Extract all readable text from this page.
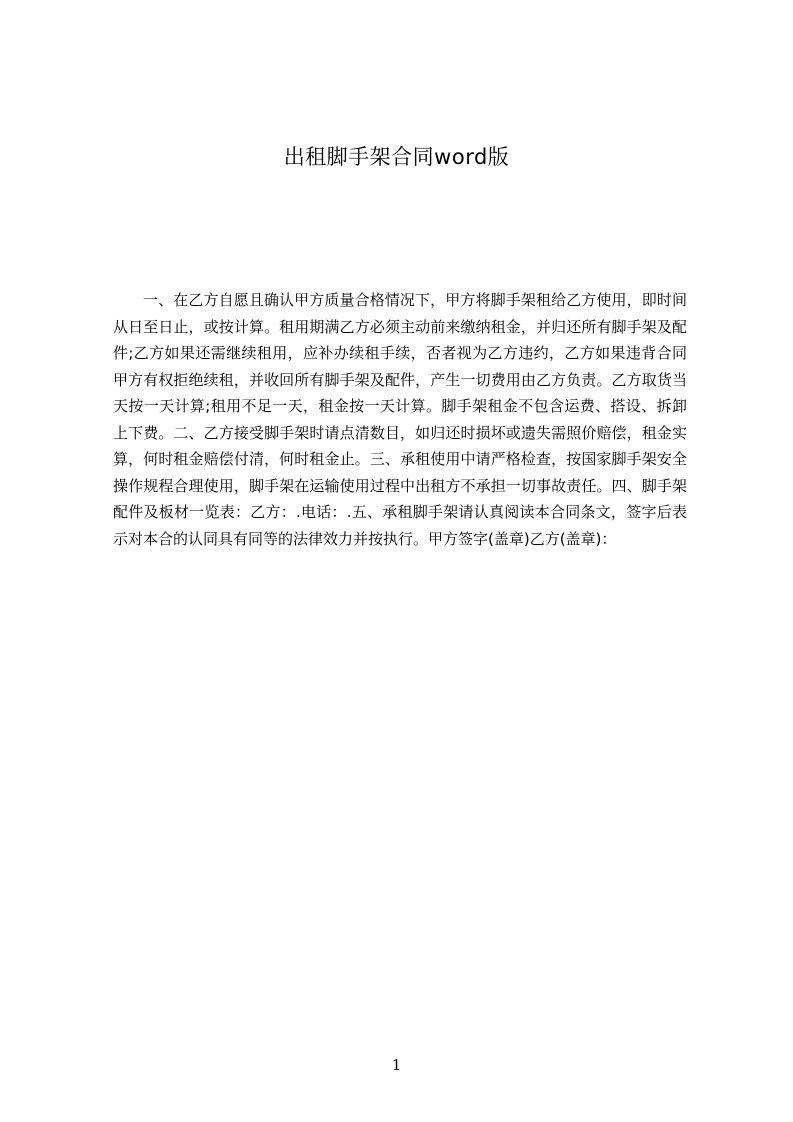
出租脚手架合同word版

一、在乙方自愿且确认甲方质量合格情况下，甲方将脚手架租给乙方使用，即时间从日至日止，或按计算。租用期满乙方必须主动前来缴纳租金，并归还所有脚手架及配件;乙方如果还需继续租用，应补办续租手续，否者视为乙方违约，乙方如果违背合同甲方有权拒绝续租，并收回所有脚手架及配件，产生一切费用由乙方负责。乙方取货当天按一天计算;租用不足一天，租金按一天计算。脚手架租金不包含运费、搭设、拆卸上下费。二、乙方接受脚手架时请点清数目，如归还时损坏或遗失需照价赔偿，租金实算，何时租金赔偿付清，何时租金止。三、承租使用中请严格检查，按国家脚手架安全操作规程合理使用，脚手架在运输使用过程中出租方不承担一切事故责任。四、脚手架配件及板材一览表：乙方：.电话：.五、承租脚手架请认真阅读本合同条文，签字后表示对本合的认同具有同等的法律效力并按执行。甲方签字(盖章)乙方(盖章)：

1
